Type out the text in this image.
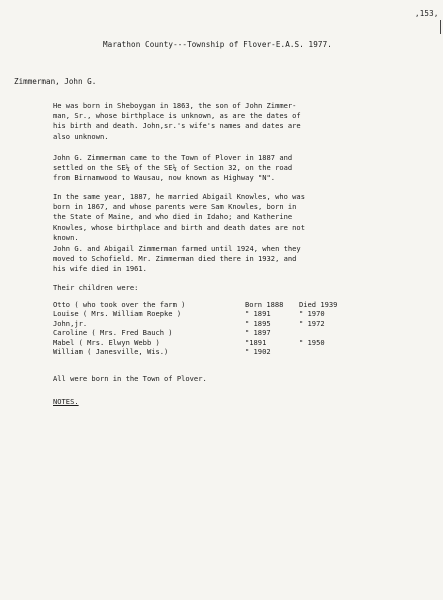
,153,
Marathon County---Township of Flover-E.A.S. 1977.
Zimmerman, John G.

He was born in Sheboygan in 1863, the son of John Zimmer-
man, Sr., whose birthplace is unknown, as are the dates of
his birth and death. John,sr.'s wife's names and dates are
also unknown.

John G. Zimmerman came to the Town of Plover in 1887 and
settled on the SE¼ of the SE¼ of Section 32, on the road
from Birnamwood to Wausau, now known as Highway "N".

In the same year, 1887, he married Abigail Knowles, who was
born in 1867, and whose parents were Sam Knowles, born in
the State of Maine, and who died in Idaho; and Katherine
Knowles, whose birthplace and birth and death dates are not
known.

John G. and Abigail Zimmerman farmed until 1924, when they
moved to Schofield. Mr. Zimmerman died there in 1932, and
his wife died in 1961.

Their children were:
Otto ( who took over the farm )	Born 1888 Died 1939
Louise ( Mrs. William Roepke )	" 1891	" 1970
John,jr.	" 1895	" 1972
Caroline ( Mrs. Fred Bauch )	" 1897
Mabel ( Mrs. Elwyn Webb )	"1891	" 1950
William ( Janesville, Wis.)	" 1902
All were born in the Town of Plover.
NOTES.
